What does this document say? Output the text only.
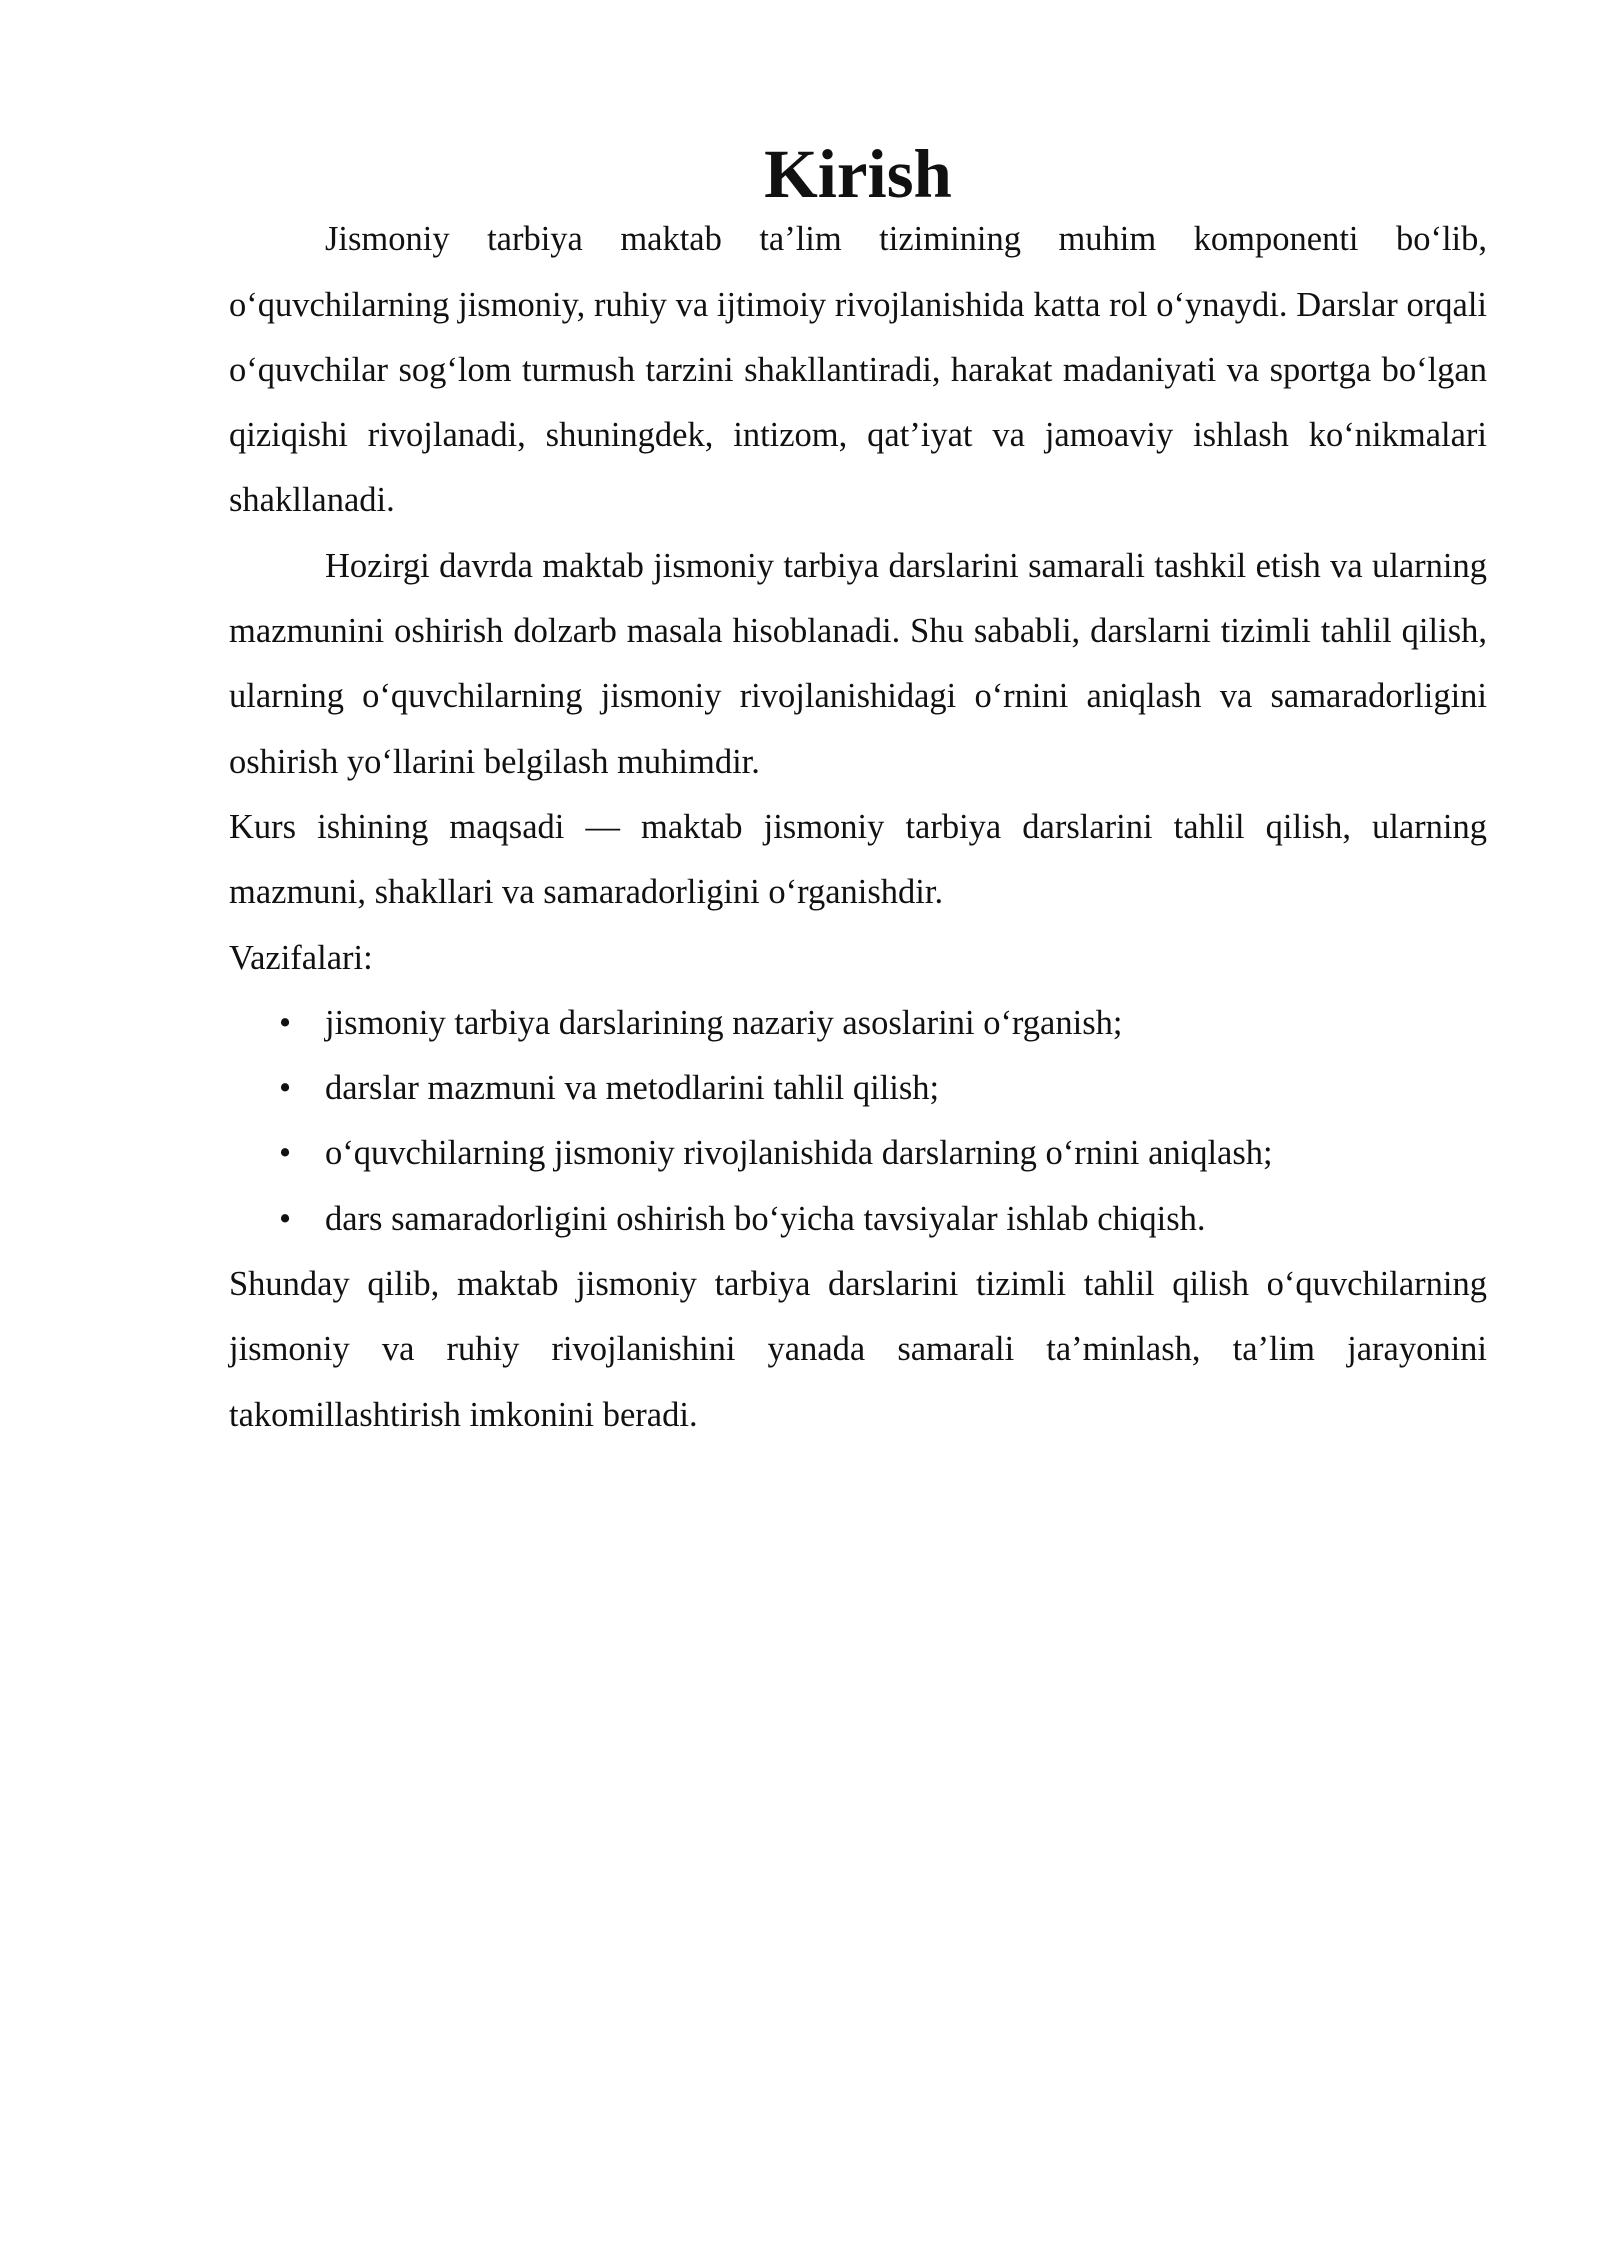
Kirish

Jismoniy tarbiya maktab ta’lim tizimining muhim komponenti bo‘lib, o‘quvchilarning jismoniy, ruhiy va ijtimoiy rivojlanishida katta rol o‘ynaydi. Darslar orqali o‘quvchilar sog‘lom turmush tarzini shakllantiradi, harakat madaniyati va sportga bo‘lgan qiziqishi rivojlanadi, shuningdek, intizom, qat’iyat va jamoaviy ishlash ko‘nikmalari shakllanadi.

Hozirgi davrda maktab jismoniy tarbiya darslarini samarali tashkil etish va ularning mazmunini oshirish dolzarb masala hisoblanadi. Shu sababli, darslarni tizimli tahlil qilish, ularning o‘quvchilarning jismoniy rivojlanishidagi o‘rnini aniqlash va samaradorligini oshirish yo‘llarini belgilash muhimdir.

Kurs ishining maqsadi — maktab jismoniy tarbiya darslarini tahlil qilish, ularning mazmuni, shakllari va samaradorligini o‘rganishdir.

Vazifalari:

• jismoniy tarbiya darslarining nazariy asoslarini o‘rganish;
• darslar mazmuni va metodlarini tahlil qilish;
• o‘quvchilarning jismoniy rivojlanishida darslarning o‘rnini aniqlash;
• dars samaradorligini oshirish bo‘yicha tavsiyalar ishlab chiqish.

Shunday qilib, maktab jismoniy tarbiya darslarini tizimli tahlil qilish o‘quvchilarning jismoniy va ruhiy rivojlanishini yanada samarali ta’minlash, ta’lim jarayonini takomillashtirish imkonini beradi.
